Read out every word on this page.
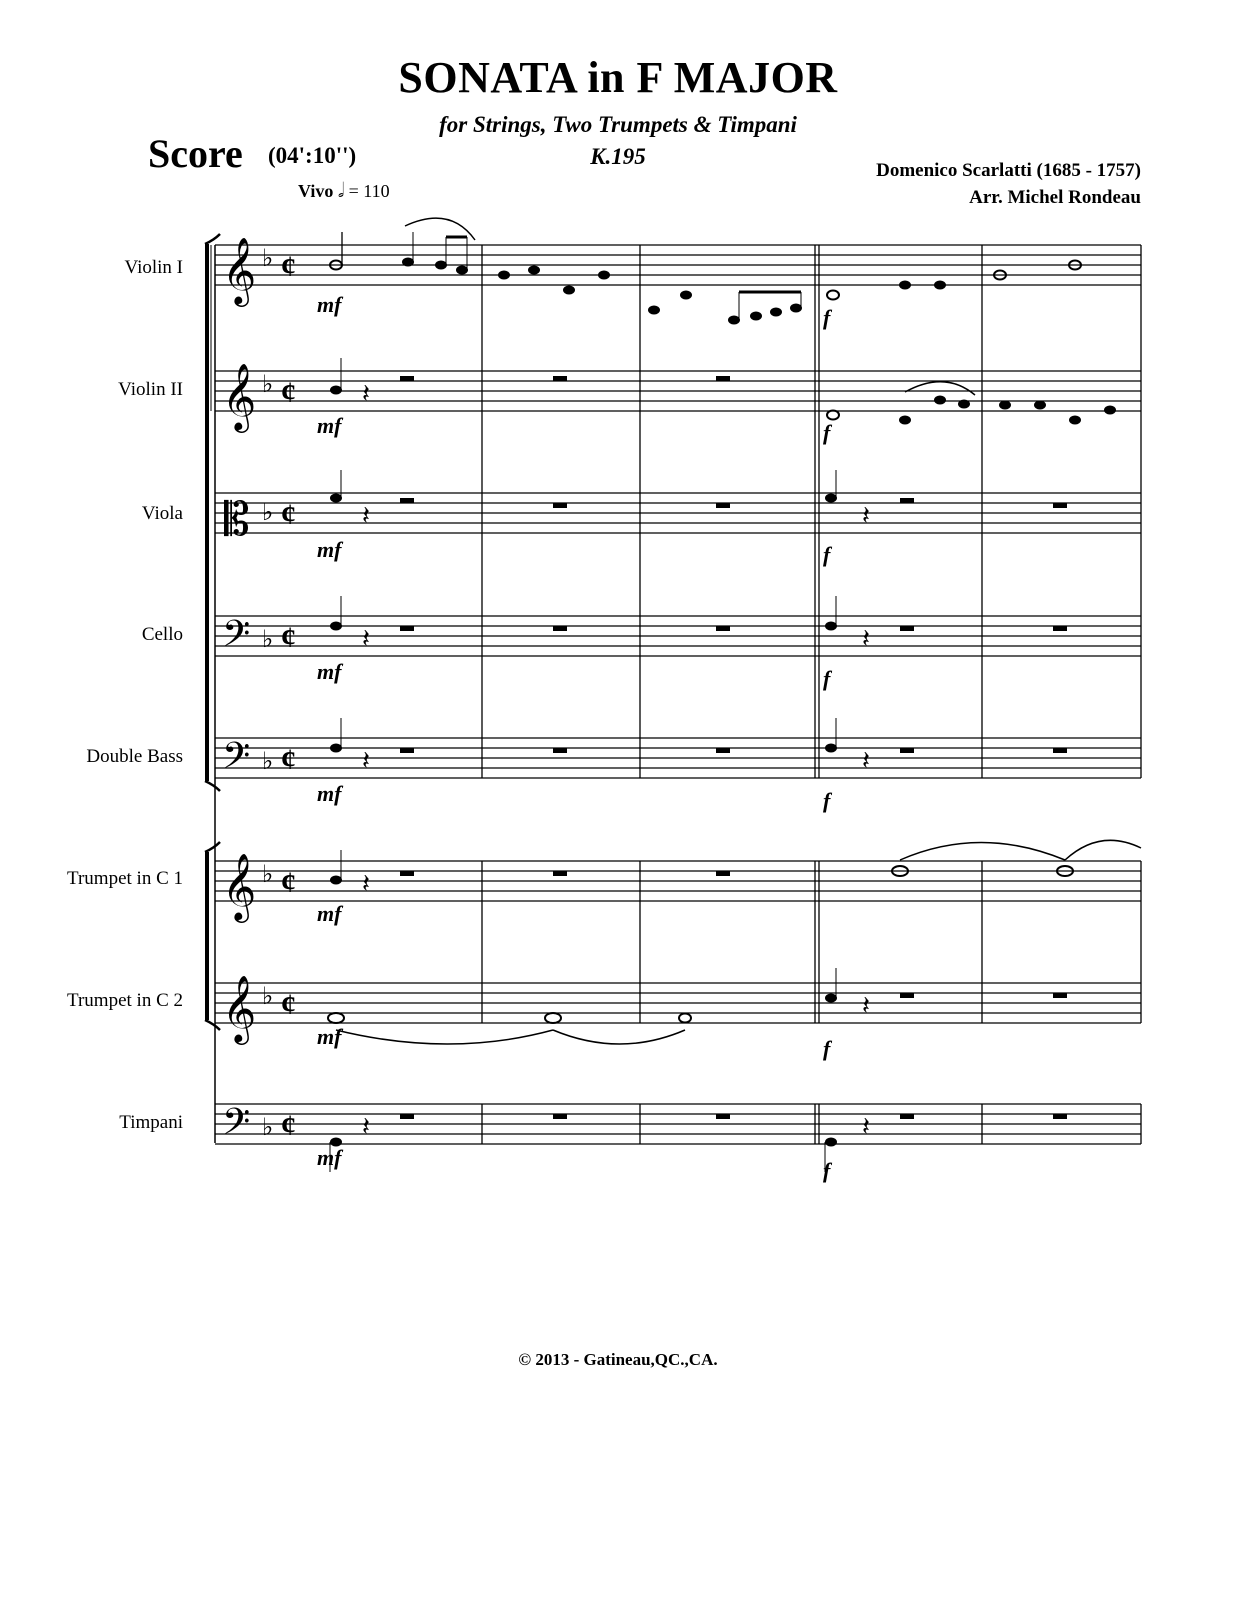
SONATA in F MAJOR
for Strings, Two Trumpets & Timpani
K.195
Score (04':10'')
Vivo 𝅗𝅥 = 110
Domenico Scarlatti (1685 - 1757)
Arr. Michel Rondeau
Violin I
Violin II
Viola
Cello
Double Bass
Trumpet in C 1
Trumpet in C 2
Timpani
𝄞
𝄞
𝄡
𝄢
𝄢
𝄞
𝄞
𝄢
♭
♭
♭
♭
♭
♭
♭
♭
¢
¢
¢
¢
¢
¢
¢
¢
𝄽
𝄽
𝄽
𝄽
𝄽
𝄽
𝄽
𝄽
𝄽
𝄽
𝄽
mf
f
mf	f
mf	f
mf	f
mf	f
mf
mf	f
mf
f
© 2013 - Gatineau,QC.,CA.
